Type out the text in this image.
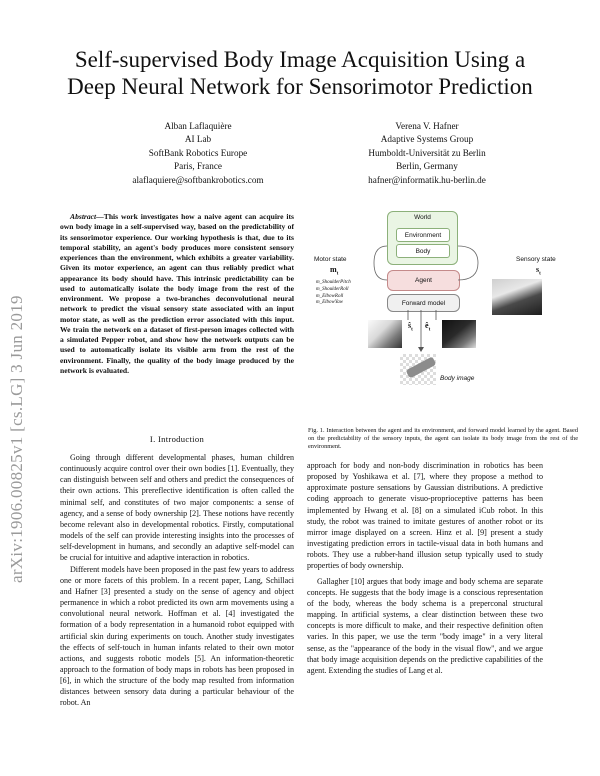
Self-supervised Body Image Acquisition Using a
Deep Neural Network for Sensorimotor Prediction
Alban Laflaquière
AI Lab
SoftBank Robotics Europe
Paris, France
alaflaquiere@softbankrobotics.com
Verena V. Hafner
Adaptive Systems Group
Humboldt-Universität zu Berlin
Berlin, Germany
hafner@informatik.hu-berlin.de
arXiv:1906.00825v1 [cs.LG] 3 Jun 2019
Abstract—This work investigates how a naive agent can acquire its own body image in a self-supervised way, based on the predictability of its sensorimotor experience. Our working hypothesis is that, due to its temporal stability, an agent's body produces more consistent sensory experiences than the environment, which exhibits a greater variability. Given its motor experience, an agent can thus reliably predict what appearance its body should have. This intrinsic predictability can be used to automatically isolate the body image from the rest of the environment. We propose a two-branches deconvolutional neural network to predict the visual sensory state associated with an input motor state, as well as the prediction error associated with this input. We train the network on a dataset of first-person images collected with a simulated Pepper robot, and show how the network outputs can be used to automatically isolate its visible arm from the rest of the environment. Finally, the quality of the body image produced by the network is evaluated.
I. Introduction

Going through different developmental phases, human children continuously acquire control over their own bodies [1]. Eventually, they can distinguish between self and others and predict the consequences of their own actions. This prereflective identification is often called the minimal self, and constitutes of two major components: a sense of agency, and a sense of body ownership [2]. These notions have recently become relevant also in developmental robotics. Firstly, computational models of the self can provide interesting insights into the processes of self-development in humans, and secondly an adaptive self-model can be crucial for intuitive and adaptive interaction in robotics.

Different models have been proposed in the past few years to address one or more facets of this problem. In a recent paper, Lang, Schillaci and Hafner [3] presented a study on the sense of agency and object permanence in which a robot predicted its own arm movements using a convolutional neural network. Hoffman et al. [4] investigated the formation of a body representation in a humanoid robot equipped with artificial skin during experiments on touch. Another study investigates the effects of self-touch in human infants related to their own motor actions, and suggests robotic models [5]. An information-theoretic approach to the formation of body maps in robots has been proposed in [6], in which the structure of the body map resulted from information distances between sensory data during a particular behaviour of the robot. An

World
Environment
Body
Agent
Forward model
Motor state
$m_t$
m_ShoulderPitch
m_ShoulderRoll
m_ElbowRoll
m_ElbowYaw
Sensory state
$s_t$
$ŝ_t$
$ê_t$
Body image
Fig. 1. Interaction between the agent and its environment, and forward model learned by the agent. Based on the predictability of the sensory inputs, the agent can isolate its body image from the rest of the environment.

approach for body and non-body discrimination in robotics has been proposed by Yoshikawa et al. [7], where they propose a method to approximate posture sensations by Gaussian distributions. A predictive coding approach to generate visuo-proprioceptive patterns has been implemented by Hwang et al. [8] on a simulated iCub robot. In this study, the robot was trained to imitate gestures of another robot or its mirror image displayed on a screen. Hinz et al. [9] present a study investigating prediction errors in tactile-visual data in both humans and robots. They use a rubber-hand illusion setup typically used to study properties of body ownership.

Gallagher [10] argues that body image and body schema are separate concepts. He suggests that the body image is a conscious representation of the body, whereas the body schema is a preperсonal structural mapping. In artificial systems, a clear distinction between these two concepts is more difficult to make, and their respective definition often varies. In this paper, we use the term "body image" in a very literal sense, as the "appearance of the body in the visual flow", and we argue that body image acquisition depends on the predictive capabilities of the agent. Extending the studies of Lang et al.
